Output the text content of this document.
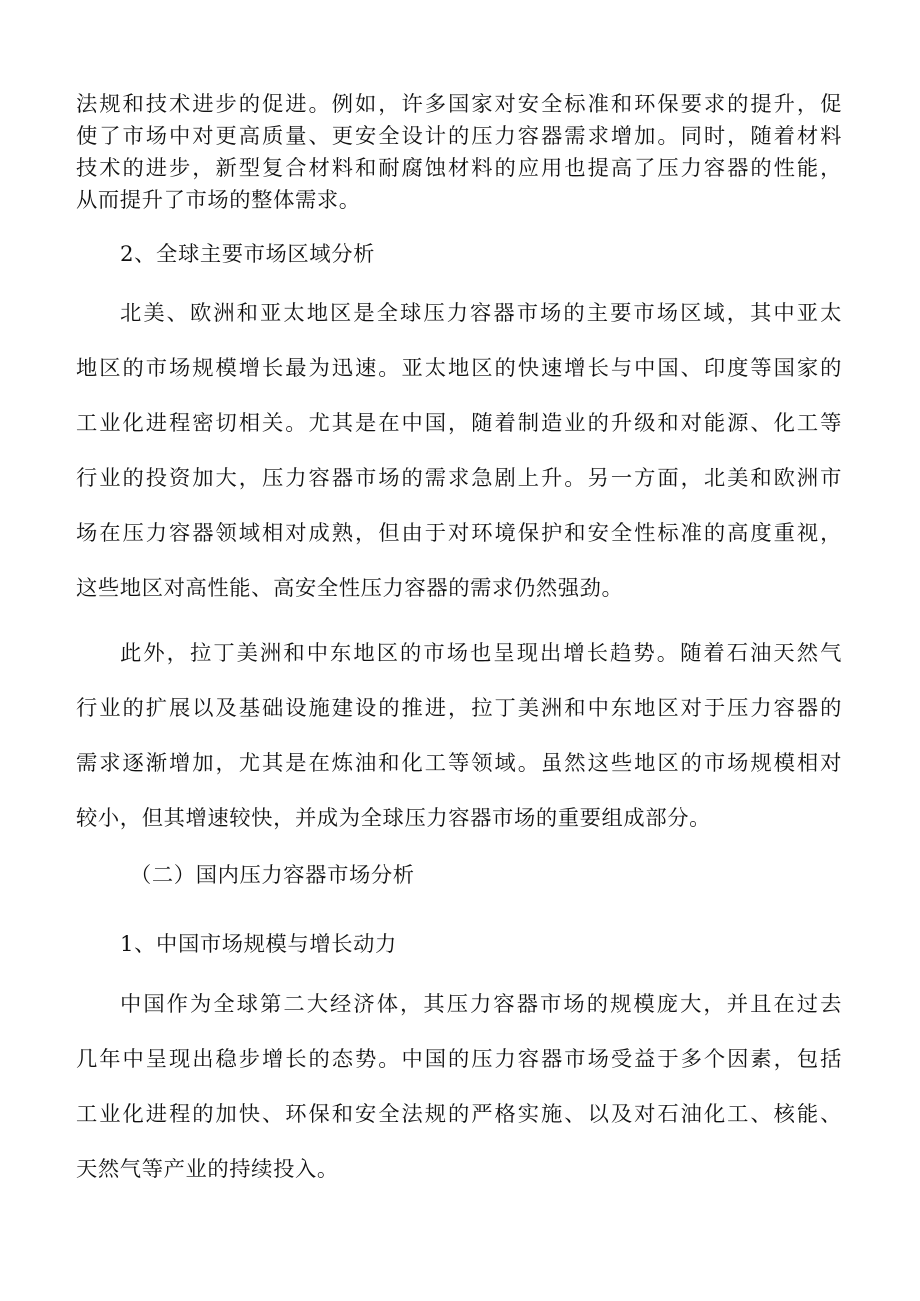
法规和技术进步的促进。例如，许多国家对安全标准和环保要求的提升，促

使了市场中对更高质量、更安全设计的压力容器需求增加。同时，随着材料

技术的进步，新型复合材料和耐腐蚀材料的应用也提高了压力容器的性能，

从而提升了市场的整体需求。

2、全球主要市场区域分析

北美、欧洲和亚太地区是全球压力容器市场的主要市场区域，其中亚太

地区的市场规模增长最为迅速。亚太地区的快速增长与中国、印度等国家的

工业化进程密切相关。尤其是在中国，随着制造业的升级和对能源、化工等

行业的投资加大，压力容器市场的需求急剧上升。另一方面，北美和欧洲市

场在压力容器领域相对成熟，但由于对环境保护和安全性标准的高度重视，

这些地区对高性能、高安全性压力容器的需求仍然强劲。

此外，拉丁美洲和中东地区的市场也呈现出增长趋势。随着石油天然气

行业的扩展以及基础设施建设的推进，拉丁美洲和中东地区对于压力容器的

需求逐渐增加，尤其是在炼油和化工等领域。虽然这些地区的市场规模相对

较小，但其增速较快，并成为全球压力容器市场的重要组成部分。

（二）国内压力容器市场分析

1、中国市场规模与增长动力

中国作为全球第二大经济体，其压力容器市场的规模庞大，并且在过去

几年中呈现出稳步增长的态势。中国的压力容器市场受益于多个因素，包括

工业化进程的加快、环保和安全法规的严格实施、以及对石油化工、核能、

天然气等产业的持续投入。
